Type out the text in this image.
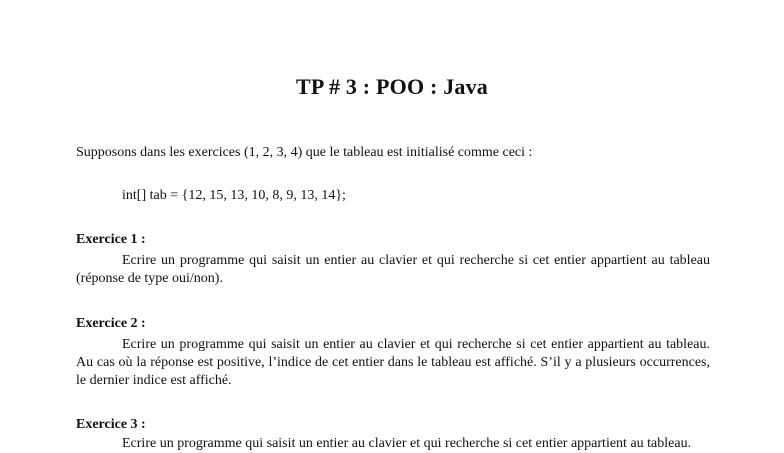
TP # 3 : POO : Java
Supposons dans les exercices (1, 2, 3, 4) que le tableau est initialisé comme ceci :
int[] tab = {12, 15, 13, 10, 8, 9, 13, 14};
Exercice 1 :
Ecrire un programme qui saisit un entier au clavier et qui recherche si cet entier appartient au tableau (réponse de type oui/non).
Exercice 2 :
Ecrire un programme qui saisit un entier au clavier et qui recherche si cet entier appartient au tableau. Au cas où la réponse est positive, l’indice de cet entier dans le tableau est affiché. S’il y a plusieurs occurrences, le dernier indice est affiché.
Exercice 3 :
Ecrire un programme qui saisit un entier au clavier et qui recherche si cet entier appartient au tableau.
